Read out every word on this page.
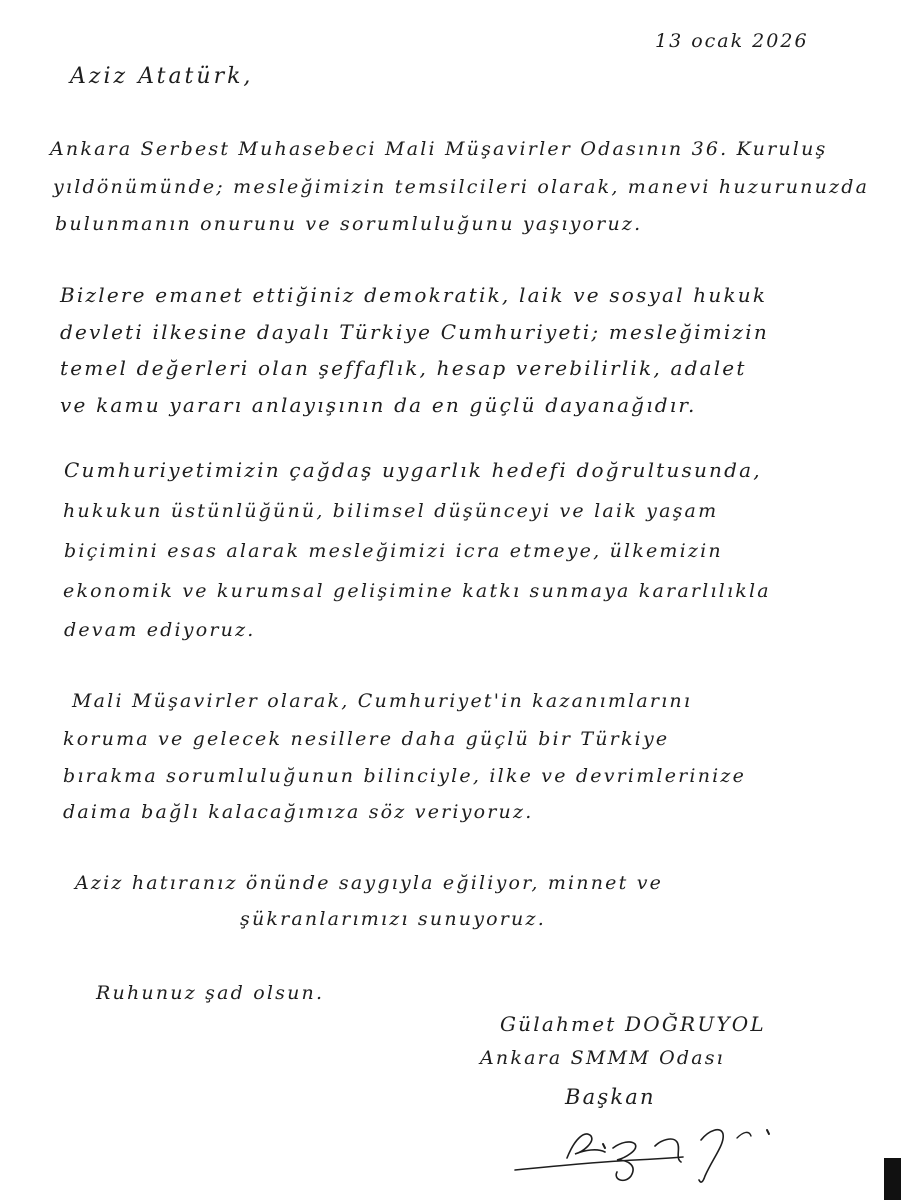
13 ocak 2026
Aziz Atatürk,
Ankara Serbest Muhasebeci Mali Müşavirler Odasının 36. Kuruluş
yıldönümünde; mesleğimizin temsilcileri olarak, manevi huzurunuzda
bulunmanın onurunu ve sorumluluğunu yaşıyoruz.
Bizlere emanet ettiğiniz demokratik, laik ve sosyal hukuk
devleti ilkesine dayalı Türkiye Cumhuriyeti; mesleğimizin
temel değerleri olan şeffaflık, hesap verebilirlik, adalet
ve kamu yararı anlayışının da en güçlü dayanağıdır.
Cumhuriyetimizin çağdaş uygarlık hedefi doğrultusunda,
hukukun üstünlüğünü, bilimsel düşünceyi ve laik yaşam
biçimini esas alarak mesleğimizi icra etmeye, ülkemizin
ekonomik ve kurumsal gelişimine katkı sunmaya kararlılıkla
devam ediyoruz.
Mali Müşavirler olarak, Cumhuriyet'in kazanımlarını
koruma ve gelecek nesillere daha güçlü bir Türkiye
bırakma sorumluluğunun bilinciyle, ilke ve devrimlerinize
daima bağlı kalacağımıza söz veriyoruz.
Aziz hatıranız önünde saygıyla eğiliyor, minnet ve
şükranlarımızı sunuyoruz.
Ruhunuz şad olsun.
Gülahmet DOĞRUYOL
Ankara SMMM Odası
Başkan
